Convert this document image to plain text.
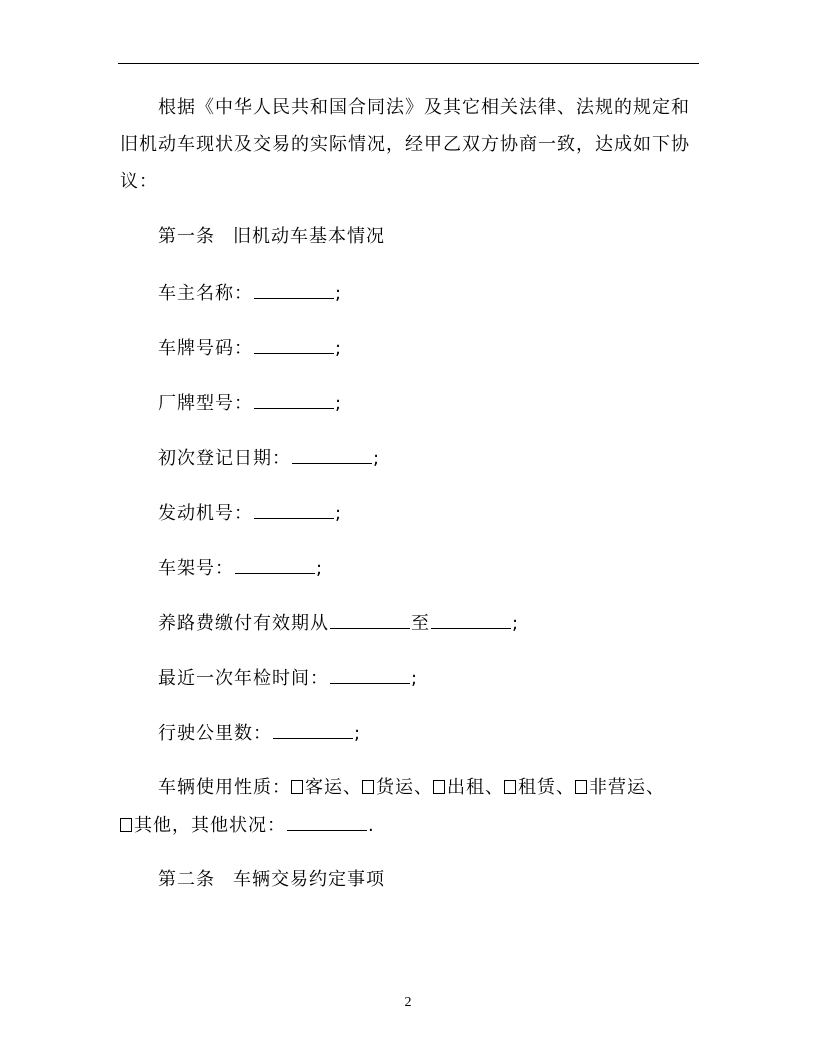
根据《中华人民共和国合同法》及其它相关法律、法规的规定和
旧机动车现状及交易的实际情况，经甲乙双方协商一致，达成如下协
议：
第一条 旧机动车基本情况
车主名称：	;
车牌号码：	;
厂牌型号：	;
初次登记日期：	;
发动机号：	;
车架号：	;
养路费缴付有效期从	至	;
最近一次年检时间：	;
行驶公里数：	;
车辆使用性质： 客运、 货运、 出租、 租赁、 非营运、
其他，其他状况：	.
第二条 车辆交易约定事项
2
